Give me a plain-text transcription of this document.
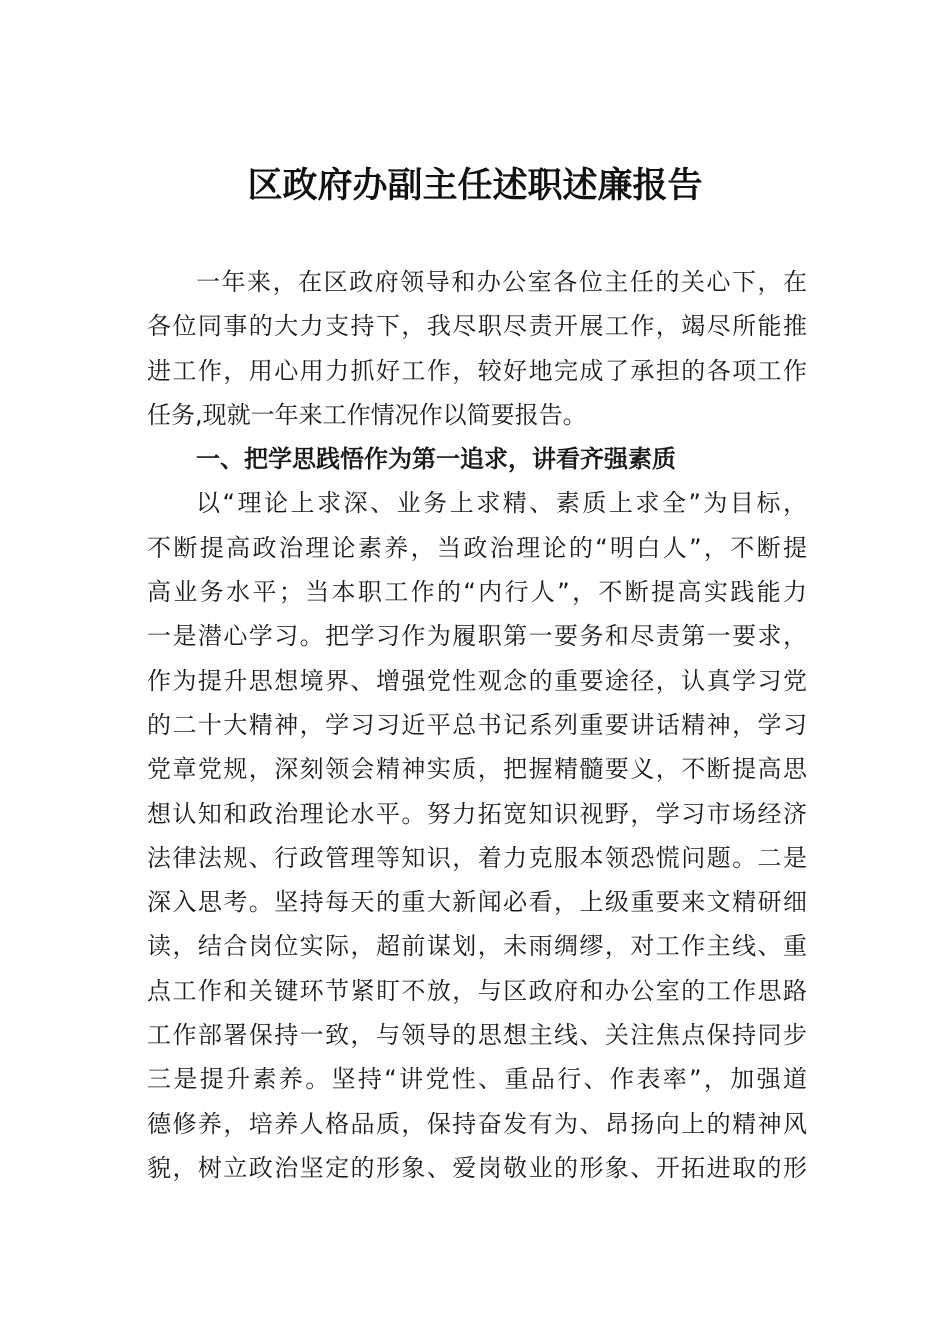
区政府办副主任述职述廉报告
一年来，在区政府领导和办公室各位主任的关心下，在
各位同事的大力支持下，我尽职尽责开展工作，竭尽所能推
进工作，用心用力抓好工作，较好地完成了承担的各项工作
任务,现就一年来工作情况作以简要报告。
一、把学思践悟作为第一追求，讲看齐强素质
以“理论上求深、业务上求精、素质上求全”为目标，
不断提高政治理论素养，当政治理论的“明白人”，不断提
高业务水平；当本职工作的“内行人”，不断提高实践能力
一是潜心学习。把学习作为履职第一要务和尽责第一要求，
作为提升思想境界、增强党性观念的重要途径，认真学习党
的二十大精神，学习习近平总书记系列重要讲话精神，学习
党章党规，深刻领会精神实质，把握精髓要义，不断提高思
想认知和政治理论水平。努力拓宽知识视野，学习市场经济
法律法规、行政管理等知识，着力克服本领恐慌问题。二是
深入思考。坚持每天的重大新闻必看，上级重要来文精研细
读，结合岗位实际，超前谋划，未雨绸缪，对工作主线、重
点工作和关键环节紧盯不放，与区政府和办公室的工作思路
工作部署保持一致，与领导的思想主线、关注焦点保持同步
三是提升素养。坚持“讲党性、重品行、作表率”，加强道
德修养，培养人格品质，保持奋发有为、昂扬向上的精神风
貌，树立政治坚定的形象、爱岗敬业的形象、开拓进取的形
